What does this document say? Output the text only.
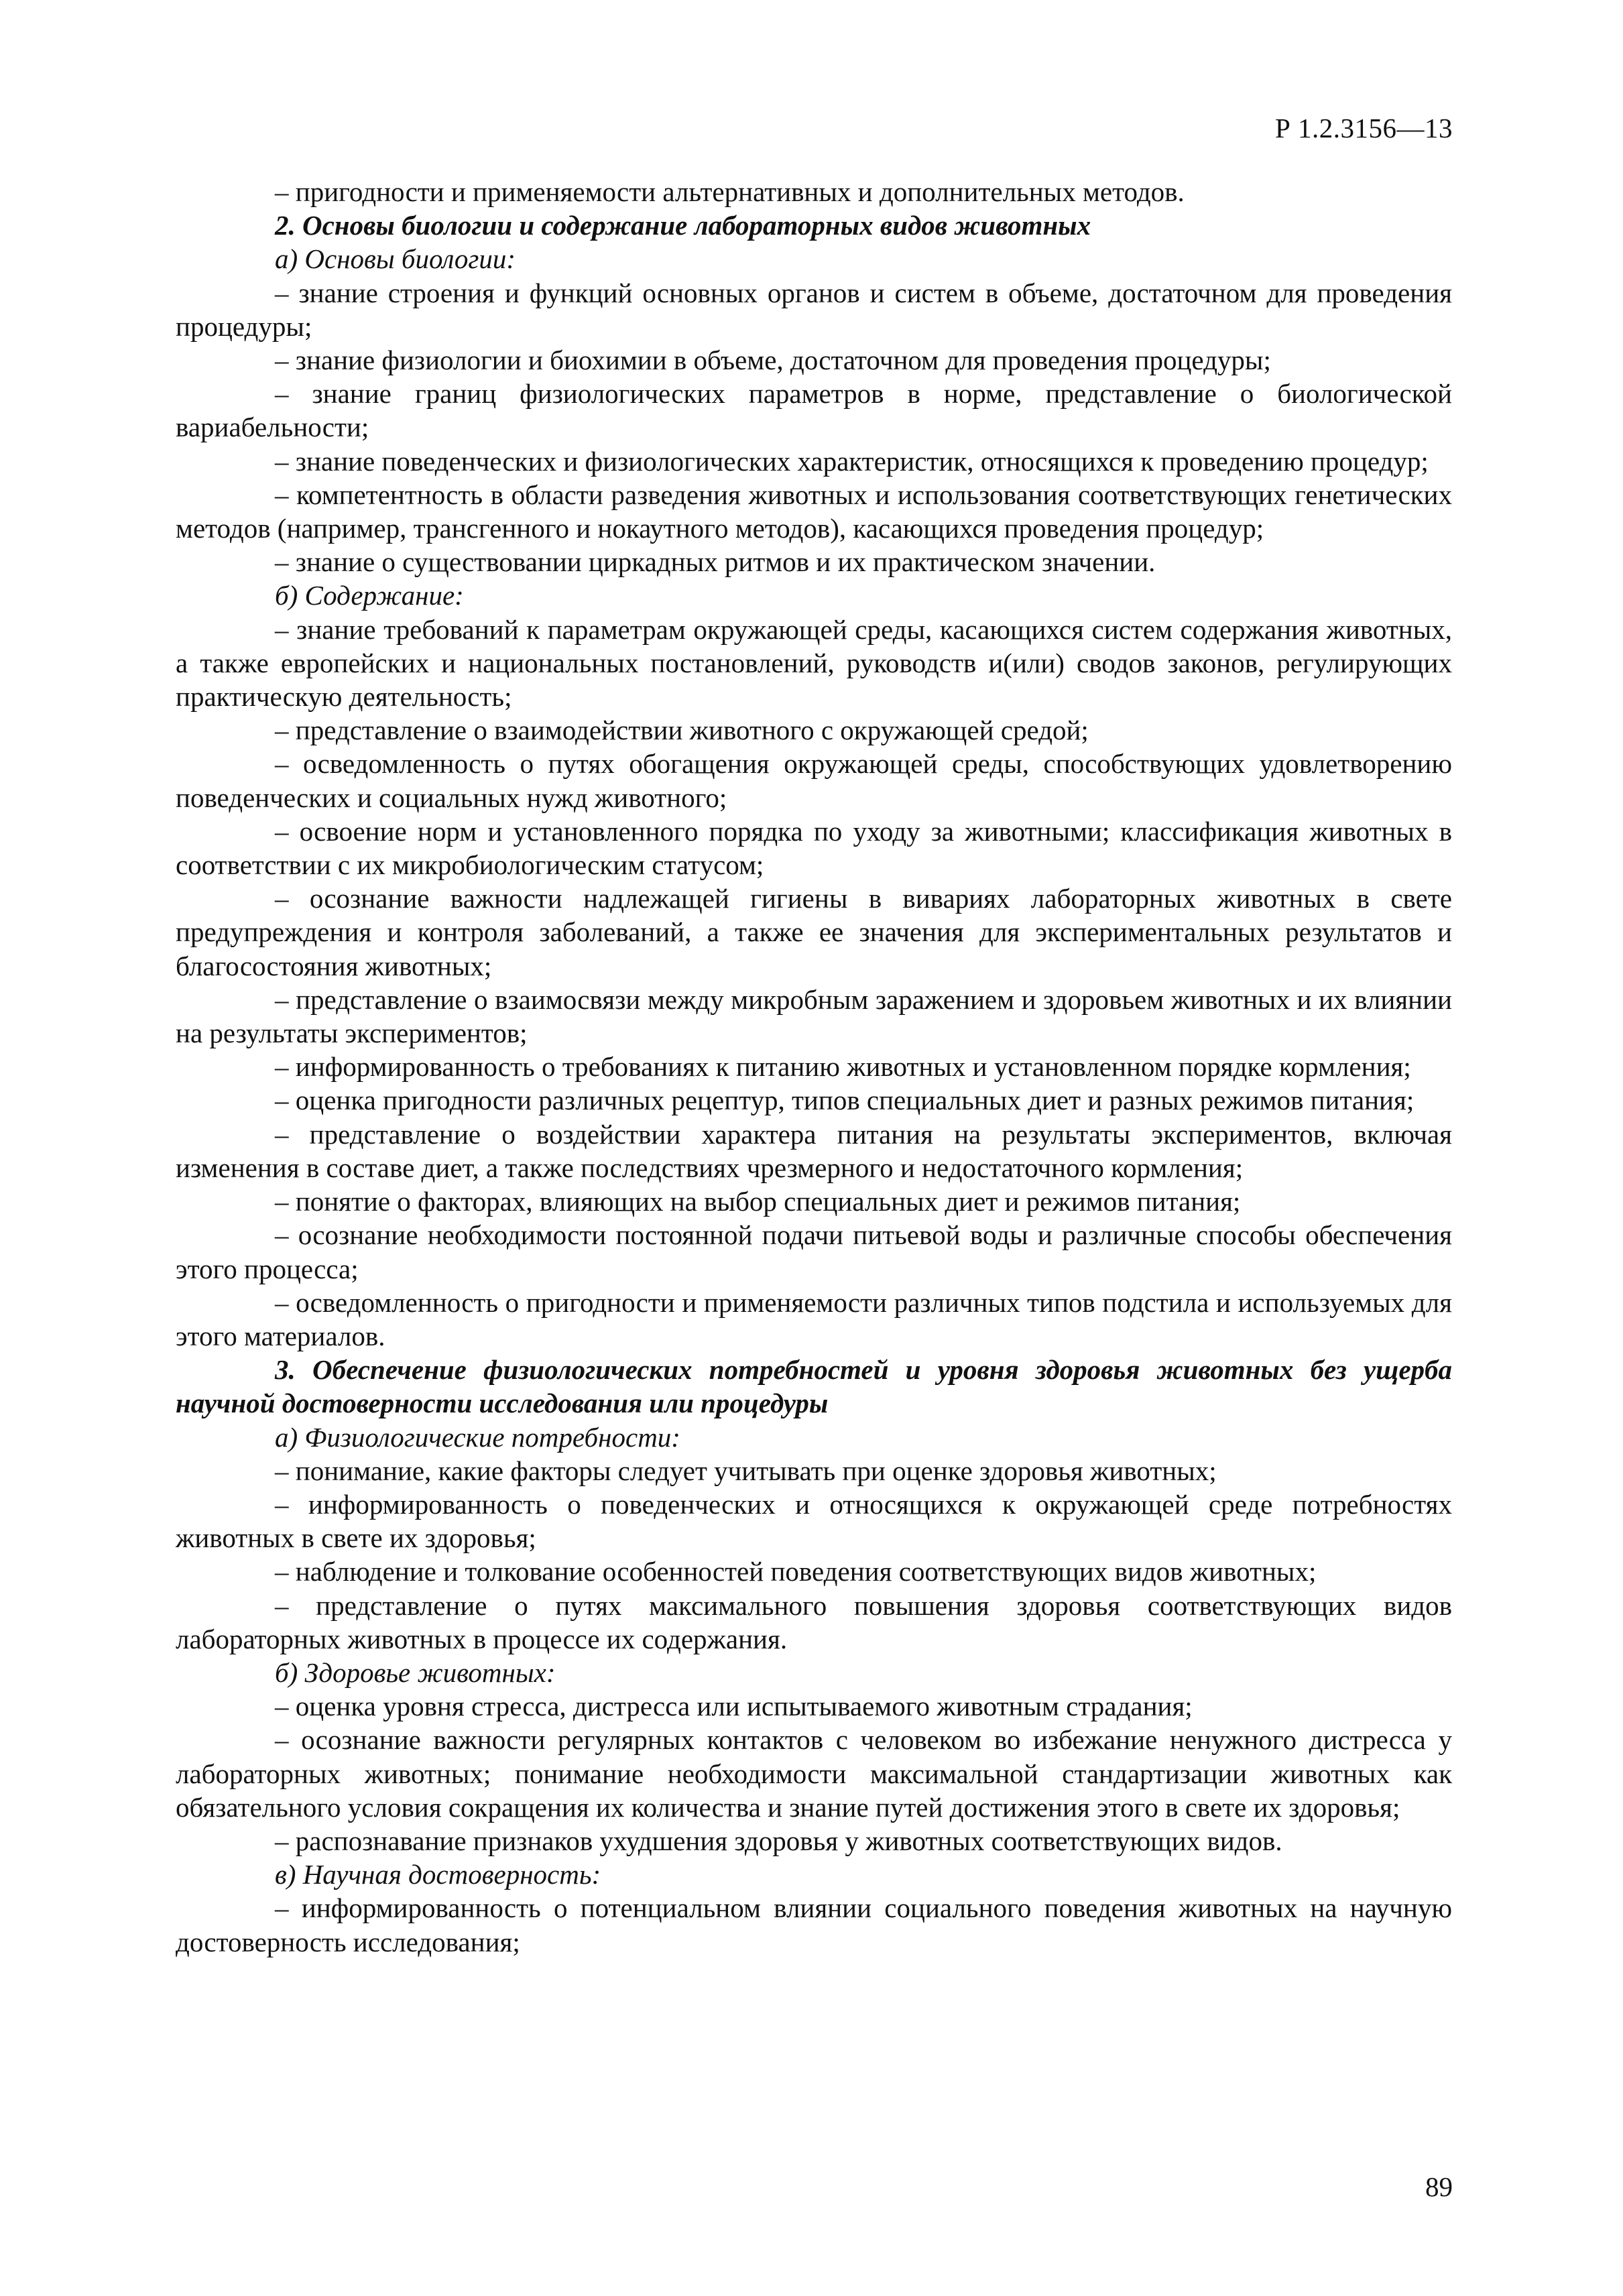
Р 1.2.3156—13

– пригодности и применяемости альтернативных и дополнительных методов.

2. Основы биологии и содержание лабораторных видов животных

а) Основы биологии:

– знание строения и функций основных органов и систем в объеме, достаточном для проведения процедуры;

– знание физиологии и биохимии в объеме, достаточном для проведения процедуры;

– знание границ физиологических параметров в норме, представление о биологической вариабельности;

– знание поведенческих и физиологических характеристик, относящихся к проведению процедур;

– компетентность в области разведения животных и использования соответствующих генетических методов (например, трансгенного и нокаутного методов), касающихся проведения процедур;

– знание о существовании циркадных ритмов и их практическом значении.

б) Содержание:

– знание требований к параметрам окружающей среды, касающихся систем содержания животных, а также европейских и национальных постановлений, руководств и(или) сводов законов, регулирующих практическую деятельность;

– представление о взаимодействии животного с окружающей средой;

– осведомленность о путях обогащения окружающей среды, способствующих удовлетворению поведенческих и социальных нужд животного;

– освоение норм и установленного порядка по уходу за животными; классификация животных в соответствии с их микробиологическим статусом;

– осознание важности надлежащей гигиены в вивариях лабораторных животных в свете предупреждения и контроля заболеваний, а также ее значения для экспериментальных результатов и благосостояния животных;

– представление о взаимосвязи между микробным заражением и здоровьем животных и их влиянии на результаты экспериментов;

– информированность о требованиях к питанию животных и установленном порядке кормления;

– оценка пригодности различных рецептур, типов специальных диет и разных режимов питания;

– представление о воздействии характера питания на результаты экспериментов, включая изменения в составе диет, а также последствиях чрезмерного и недостаточного кормления;

– понятие о факторах, влияющих на выбор специальных диет и режимов питания;

– осознание необходимости постоянной подачи питьевой воды и различные способы обеспечения этого процесса;

– осведомленность о пригодности и применяемости различных типов подстила и используемых для этого материалов.

3. Обеспечение физиологических потребностей и уровня здоровья животных без ущерба научной достоверности исследования или процедуры

а) Физиологические потребности:

– понимание, какие факторы следует учитывать при оценке здоровья животных;

– информированность о поведенческих и относящихся к окружающей среде потребностях животных в свете их здоровья;

– наблюдение и толкование особенностей поведения соответствующих видов животных;

– представление о путях максимального повышения здоровья соответствующих видов лабораторных животных в процессе их содержания.

б) Здоровье животных:

– оценка уровня стресса, дистресса или испытываемого животным страдания;

– осознание важности регулярных контактов с человеком во избежание ненужного дистресса у лабораторных животных; понимание необходимости максимальной стандартизации животных как обязательного условия сокращения их количества и знание путей достижения этого в свете их здоровья;

– распознавание признаков ухудшения здоровья у животных соответствующих видов.

в) Научная достоверность:

– информированность о потенциальном влиянии социального поведения животных на научную достоверность исследования;

89
